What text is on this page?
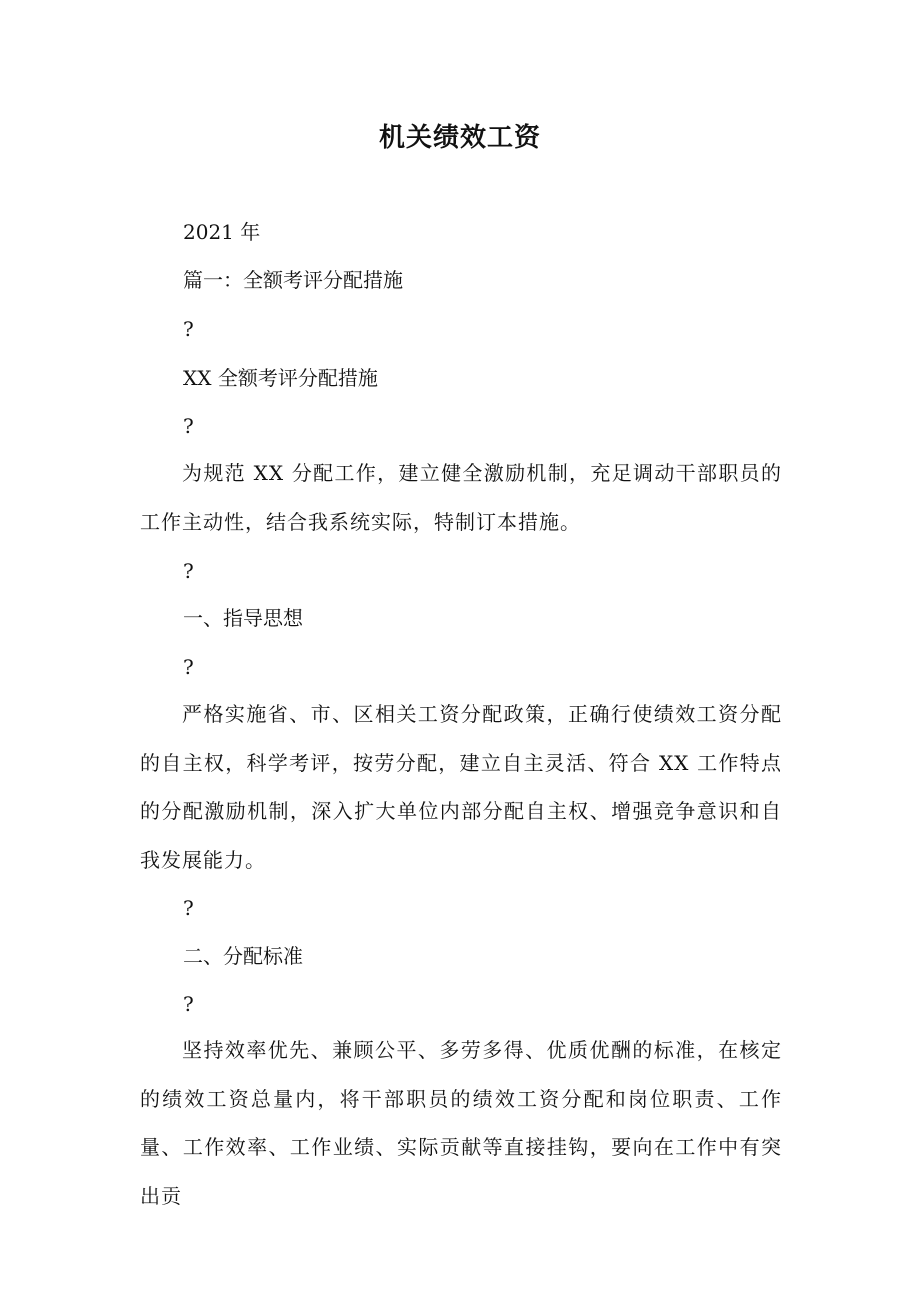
机关绩效工资
2021 年
篇一：全额考评分配措施
?
XX 全额考评分配措施
?
为规范 XX 分配工作，建立健全激励机制，充足调动干部职员的工作主动性，结合我系统实际，特制订本措施。
?
一、指导思想
?
严格实施省、市、区相关工资分配政策，正确行使绩效工资分配的自主权，科学考评，按劳分配，建立自主灵活、符合 XX 工作特点的分配激励机制，深入扩大单位内部分配自主权、增强竞争意识和自我发展能力。
?
二、分配标准
?
坚持效率优先、兼顾公平、多劳多得、优质优酬的标准，在核定的绩效工资总量内，将干部职员的绩效工资分配和岗位职责、工作量、工作效率、工作业绩、实际贡献等直接挂钩，要向在工作中有突出贡
